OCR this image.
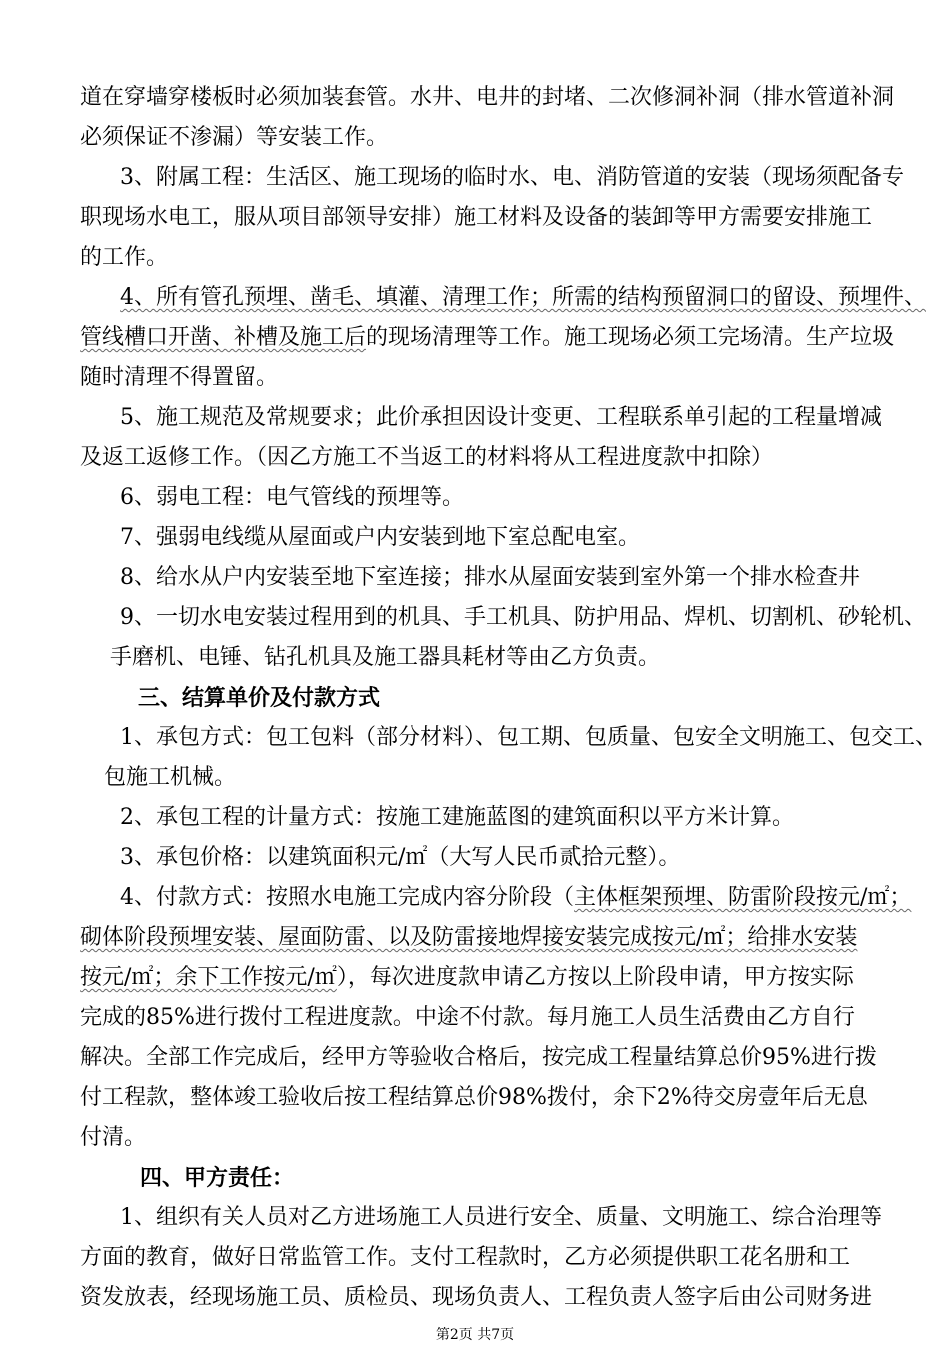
道在穿墙穿楼板时必须加装套管。水井、电井的封堵、二次修洞补洞（排水管道补洞
必须保证不渗漏）等安装工作。
3、附属工程：生活区、施工现场的临时水、电、消防管道的安装（现场须配备专
职现场水电工，服从项目部领导安排）施工材料及设备的装卸等甲方需要安排施工
的工作。
4、所有管孔预埋、凿毛、填灌、清理工作；所需的结构预留洞口的留设、预埋件、
管线槽口开凿、补槽及施工后的现场清理等工作。施工现场必须工完场清。生产垃圾
随时清理不得置留。
5、施工规范及常规要求；此价承担因设计变更、工程联系单引起的工程量增减
及返工返修工作。（因乙方施工不当返工的材料将从工程进度款中扣除）
6、弱电工程：电气管线的预埋等。
7、强弱电线缆从屋面或户内安装到地下室总配电室。
8、给水从户内安装至地下室连接；排水从屋面安装到室外第一个排水检查井
9、一切水电安装过程用到的机具、手工机具、防护用品、焊机、切割机、砂轮机、
手磨机、电锤、钻孔机具及施工器具耗材等由乙方负责。
三、结算单价及付款方式
1、承包方式：包工包料（部分材料）、包工期、包质量、包安全文明施工、包交工、
包施工机械。
2、承包工程的计量方式：按施工建施蓝图的建筑面积以平方米计算。
3、承包价格：以建筑面积元/㎡（大写人民币贰拾元整）。
4、付款方式：按照水电施工完成内容分阶段（主体框架预埋、防雷阶段按元/㎡；
砌体阶段预埋安装、屋面防雷、以及防雷接地焊接安装完成按元/㎡；给排水安装
按元/㎡；余下工作按元/㎡），每次进度款申请乙方按以上阶段申请，甲方按实际
完成的85%进行拨付工程进度款。中途不付款。每月施工人员生活费由乙方自行
解决。全部工作完成后，经甲方等验收合格后，按完成工程量结算总价95%进行拨
付工程款，整体竣工验收后按工程结算总价98%拨付，余下2%待交房壹年后无息
付清。
四、甲方责任：
1、组织有关人员对乙方进场施工人员进行安全、质量、文明施工、综合治理等
方面的教育，做好日常监管工作。支付工程款时，乙方必须提供职工花名册和工
资发放表，经现场施工员、质检员、现场负责人、工程负责人签字后由公司财务进
第2页 共7页
